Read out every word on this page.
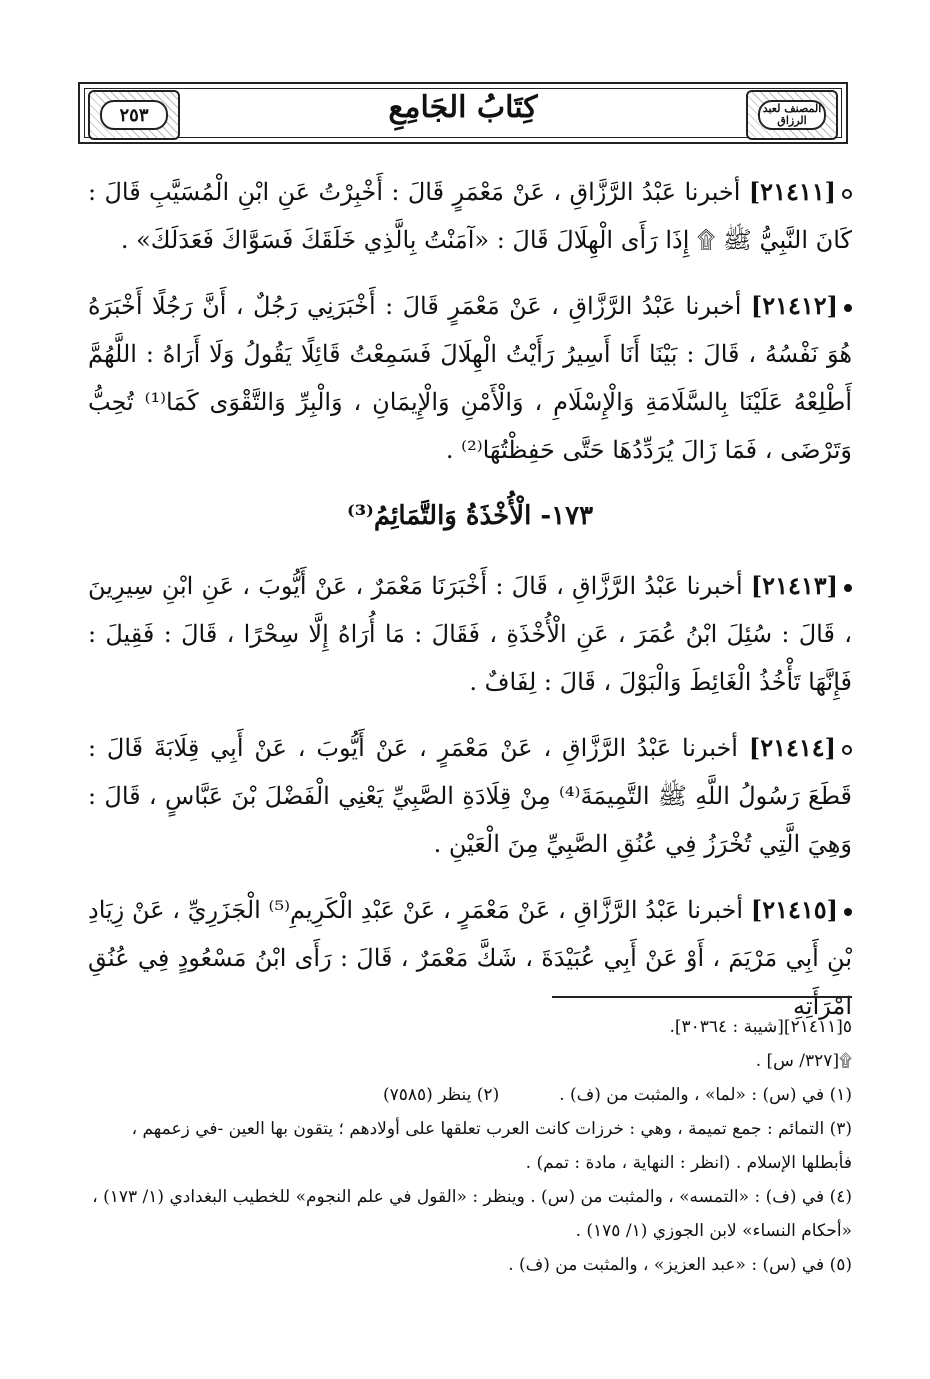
المصنف لعبد الرزاق
كِتَابُ الجَامِعِ
٢٥٣

[٢١٤١١] أخبرنا عَبْدُ الرَّزَّاقِ ، عَنْ مَعْمَرٍ قَالَ : أَخْبِرْتُ عَنِ ابْنِ الْمُسَيَّبِ قَالَ : كَانَ النَّبِيُّ ﷺ ۩ إِذَا رَأَى الْهِلَالَ قَالَ : «آمَنْتُ بِالَّذِي خَلَقَكَ فَسَوَّاكَ فَعَدَلَكَ» .

[٢١٤١٢] أخبرنا عَبْدُ الرَّزَّاقِ ، عَنْ مَعْمَرٍ قَالَ : أَخْبَرَنِي رَجُلٌ ، أَنَّ رَجُلًا أَخْبَرَهُ هُوَ نَفْسُهُ ، قَالَ : بَيْنَا أَنَا أَسِيرُ رَأَيْتُ الْهِلَالَ فَسَمِعْتُ قَائِلًا يَقُولُ وَلَا أَرَاهُ : اللَّهُمَّ أَطْلِعْهُ عَلَيْنَا بِالسَّلَامَةِ وَالْإِسْلَامِ ، وَالْأَمْنِ وَالْإِيمَانِ ، وَالْبِرِّ وَالتَّقْوَى كَمَا⁽¹⁾ تُحِبُّ وَتَرْضَى ، فَمَا زَالَ يُرَدِّدُهَا حَتَّى حَفِظْتُهَا⁽²⁾ .

١٧٣- الْأُخْذَةُ وَالتَّمَائِمُ⁽³⁾

[٢١٤١٣] أخبرنا عَبْدُ الرَّزَّاقِ ، قَالَ : أَخْبَرَنَا مَعْمَرٌ ، عَنْ أَيُّوبَ ، عَنِ ابْنِ سِيرِينَ ، قَالَ : سُئِلَ ابْنُ عُمَرَ ، عَنِ الْأُخْذَةِ ، فَقَالَ : مَا أُرَاهُ إِلَّا سِحْرًا ، قَالَ : فَقِيلَ : فَإِنَّهَا تَأْخُذُ الْغَائِطَ وَالْبَوْلَ ، قَالَ : لِفَافٌ .

[٢١٤١٤] أخبرنا عَبْدُ الرَّزَّاقِ ، عَنْ مَعْمَرٍ ، عَنْ أَيُّوبَ ، عَنْ أَبِي قِلَابَةَ قَالَ : قَطَعَ رَسُولُ اللَّهِ ﷺ التَّمِيمَةَ⁽⁴⁾ مِنْ قِلَادَةِ الصَّبِيِّ يَعْنِي الْفَضْلَ بْنَ عَبَّاسٍ ، قَالَ : وَهِيَ الَّتِي تُخْرَزُ فِي عُنُقِ الصَّبِيِّ مِنَ الْعَيْنِ .

[٢١٤١٥] أخبرنا عَبْدُ الرَّزَّاقِ ، عَنْ مَعْمَرٍ ، عَنْ عَبْدِ الْكَرِيمِ⁽⁵⁾ الْجَزَرِيِّ ، عَنْ زِيَادِ بْنِ أَبِي مَرْيَمَ ، أَوْ عَنْ أَبِي عُبَيْدَةَ ، شَكَّ مَعْمَرٌ ، قَالَ : رَأَى ابْنُ مَسْعُودٍ فِي عُنُقِ امْرَأَتِهِ

٥[٢١٤١١][شيبة : ٣٠٣٦٤].

۩[٣٢٧/ س] .

(١) في (س) : «لما» ، والمثبت من (ف) .
(٢) ينظر (٧٥٨٥)

(٣) التمائم : جمع تميمة ، وهي : خرزات كانت العرب تعلقها على أولادهم ؛ يتقون بها العين -في زعمهم ، فأبطلها الإسلام . (انظر : النهاية ، مادة : تمم) .

(٤) في (ف) : «التمسه» ، والمثبت من (س) . وينظر : «القول في علم النجوم» للخطيب البغدادي (١/ ١٧٣) ، «أحكام النساء» لابن الجوزي (١/ ١٧٥) .

(٥) في (س) : «عبد العزيز» ، والمثبت من (ف) .
